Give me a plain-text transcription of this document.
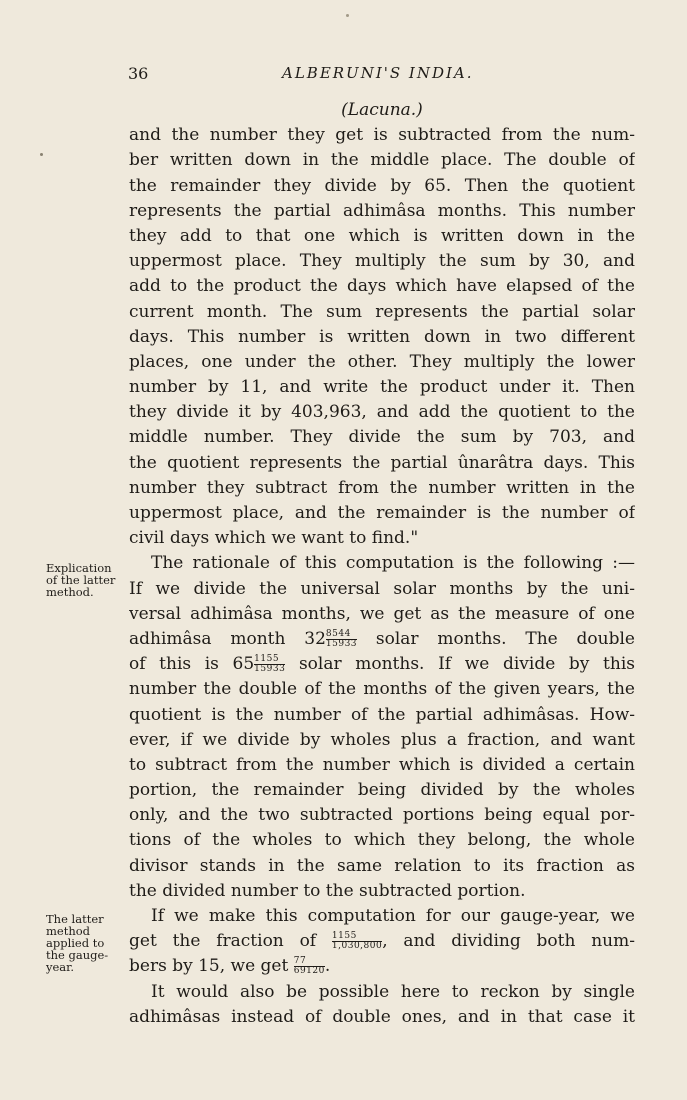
36	ALBERUNI'S INDIA.
(Lacuna.)
and the number they get is subtracted from the num-
ber written down in the middle place. The double of
the remainder they divide by 65. Then the quotient
represents the partial adhimâsa months. This number
they add to that one which is written down in the
uppermost place. They multiply the sum by 30, and
add to the product the days which have elapsed of the
current month. The sum represents the partial solar
days. This number is written down in two different
places, one under the other. They multiply the lower
number by 11, and write the product under it. Then
they divide it by 403,963, and add the quotient to the
middle number. They divide the sum by 703, and
the quotient represents the partial ûnarâtra days. This
number they subtract from the number written in the
uppermost place, and the remainder is the number of
civil days which we want to find."
The rationale of this computation is the following :—
If we divide the universal solar months by the uni-
versal adhimâsa months, we get as the measure of one
adhimâsa month $32 \frac{8544}{15933}$ solar months. The double
of this is $65 \frac{1155}{15933}$ solar months. If we divide by this
number the double of the months of the given years, the
quotient is the number of the partial adhimâsas. How-
ever, if we divide by wholes plus a fraction, and want
to subtract from the number which is divided a certain
portion, the remainder being divided by the wholes
only, and the two subtracted portions being equal por-
tions of the wholes to which they belong, the whole
divisor stands in the same relation to its fraction as
the divided number to the subtracted portion.
If we make this computation for our gauge-year, we
get the fraction of $\frac{1155}{1,030,800}$ , and dividing both num-
bers by 15, we get $\frac{77}{69120}$ .
It would also be possible here to reckon by single
adhimâsas instead of double ones, and in that case it
Explication
of the latter
method.
The latter
method
applied to
the gauge-
year.
